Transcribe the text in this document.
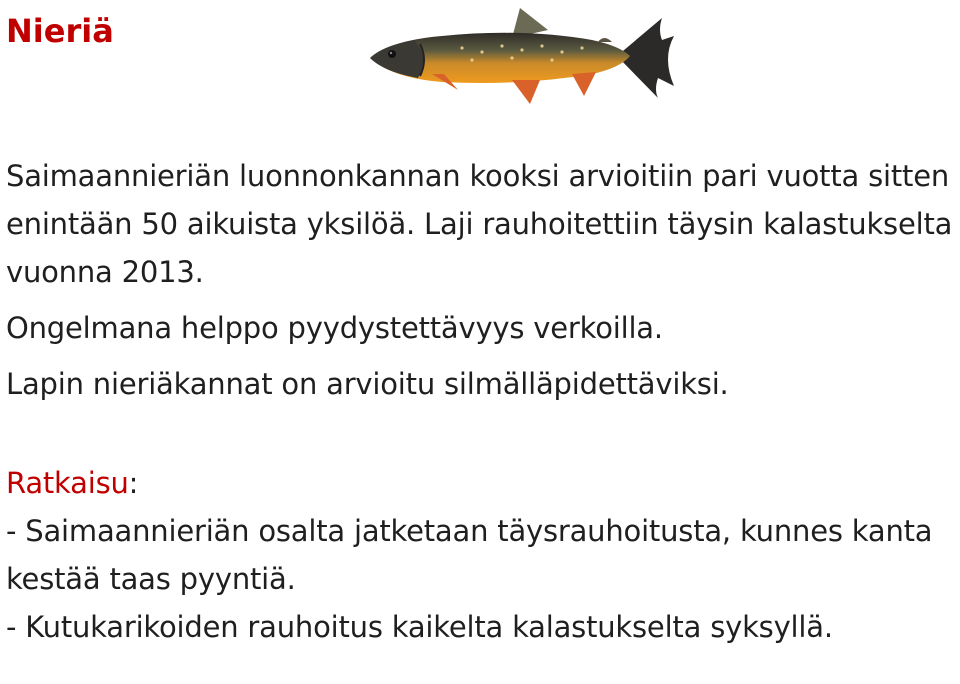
Nieriä

Saimaannieriän luonnonkannan kooksi arvioitiin pari vuotta sitten enintään 50 aikuista yksilöä. Laji rauhoitettiin täysin kalastukselta vuonna 2013.

Ongelmana helppo pyydystettävyys verkoilla.

Lapin nieriäkannat on arvioitu silmälläpidettäviksi.

Ratkaisu:

- Saimaannieriän osalta jatketaan täysrauhoitusta, kunnes kanta kestää taas pyyntiä.

- Kutukarikoiden rauhoitus kaikelta kalastukselta syksyllä.
